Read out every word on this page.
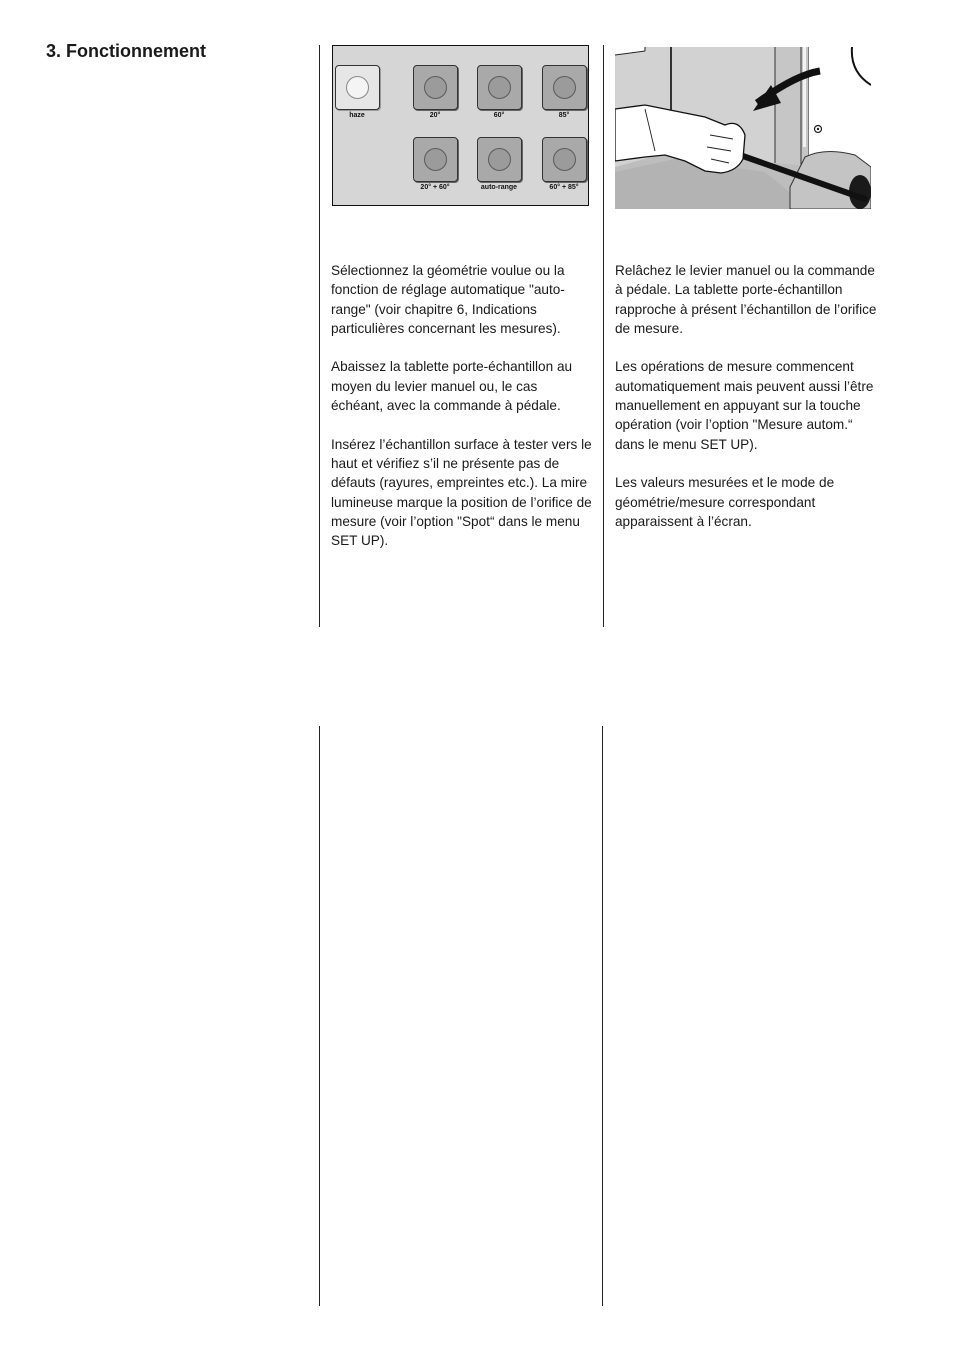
3. Fonctionnement
haze	20°	60°	85°
20° + 60°	auto-range	60° + 85°

Sélectionnez la géométrie voulue ou la fonction de réglage automatique "auto-range" (voir chapitre 6, Indications particulières concernant les mesures).

Abaissez la tablette porte-échantillon au moyen du levier manuel ou, le cas échéant, avec la commande à pédale.

Insérez l’échantillon surface à tester vers le haut et vérifiez s’il ne présente pas de défauts (rayures, empreintes etc.). La mire lumineuse marque la position de l’orifice de mesure (voir l’option "Spot“ dans le menu SET UP).

Relâchez le levier manuel ou la commande à pédale. La tablette porte-échantillon rapproche à présent l’échantillon de l’orifice de mesure.

Les opérations de mesure commencent automatiquement mais peuvent aussi l’être manuellement en appuyant sur la touche opération (voir l’option "Mesure autom.“ dans le menu SET UP).

Les valeurs mesurées et le mode de géométrie/mesure correspondant apparaissent à l’écran.
